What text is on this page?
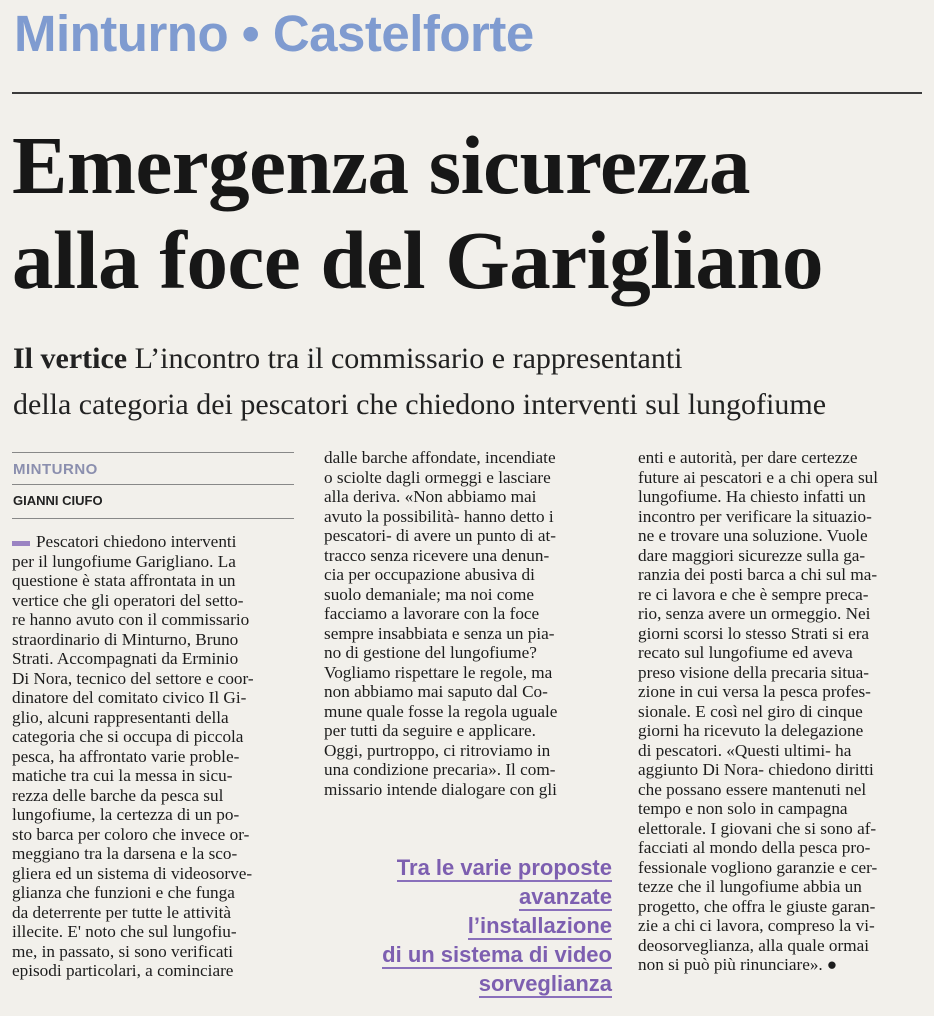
Minturno • Castelforte
Emergenza sicurezza
alla foce del Garigliano
Il vertice L’incontro tra il commissario e rappresentanti
della categoria dei pescatori che chiedono interventi sul lungofiume
MINTURNO
GIANNI CIUFO
Pescatori chiedono interventi
per il lungofiume Garigliano. La
questione è stata affrontata in un
vertice che gli operatori del setto-
re hanno avuto con il commissario
straordinario di Minturno, Bruno
Strati. Accompagnati da Erminio
Di Nora, tecnico del settore e coor-
dinatore del comitato civico Il Gi-
glio, alcuni rappresentanti della
categoria che si occupa di piccola
pesca, ha affrontato varie proble-
matiche tra cui la messa in sicu-
rezza delle barche da pesca sul
lungofiume, la certezza di un po-
sto barca per coloro che invece or-
meggiano tra la darsena e la sco-
gliera ed un sistema di videosorve-
glianza che funzioni e che funga
da deterrente per tutte le attività
illecite. E' noto che sul lungofiu-
me, in passato, si sono verificati
episodi particolari, a cominciare
dalle barche affondate, incendiate
o sciolte dagli ormeggi e lasciare
alla deriva. «Non abbiamo mai
avuto la possibilità- hanno detto i
pescatori- di avere un punto di at-
tracco senza ricevere una denun-
cia per occupazione abusiva di
suolo demaniale; ma noi come
facciamo a lavorare con la foce
sempre insabbiata e senza un pia-
no di gestione del lungofiume?
Vogliamo rispettare le regole, ma
non abbiamo mai saputo dal Co-
mune quale fosse la regola uguale
per tutti da seguire e applicare.
Oggi, purtroppo, ci ritroviamo in
una condizione precaria». Il com-
missario intende dialogare con gli
enti e autorità, per dare certezze
future ai pescatori e a chi opera sul
lungofiume. Ha chiesto infatti un
incontro per verificare la situazio-
ne e trovare una soluzione. Vuole
dare maggiori sicurezze sulla ga-
ranzia dei posti barca a chi sul ma-
re ci lavora e che è sempre preca-
rio, senza avere un ormeggio. Nei
giorni scorsi lo stesso Strati si era
recato sul lungofiume ed aveva
preso visione della precaria situa-
zione in cui versa la pesca profes-
sionale. E così nel giro di cinque
giorni ha ricevuto la delegazione
di pescatori. «Questi ultimi- ha
aggiunto Di Nora- chiedono diritti
che possano essere mantenuti nel
tempo e non solo in campagna
elettorale. I giovani che si sono af-
facciati al mondo della pesca pro-
fessionale vogliono garanzie e cer-
tezze che il lungofiume abbia un
progetto, che offra le giuste garan-
zie a chi ci lavora, compreso la vi-
deosorveglianza, alla quale ormai
non si può più rinunciare». ●
Tra le varie proposte
avanzate
l’installazione
di un sistema di video
sorveglianza
